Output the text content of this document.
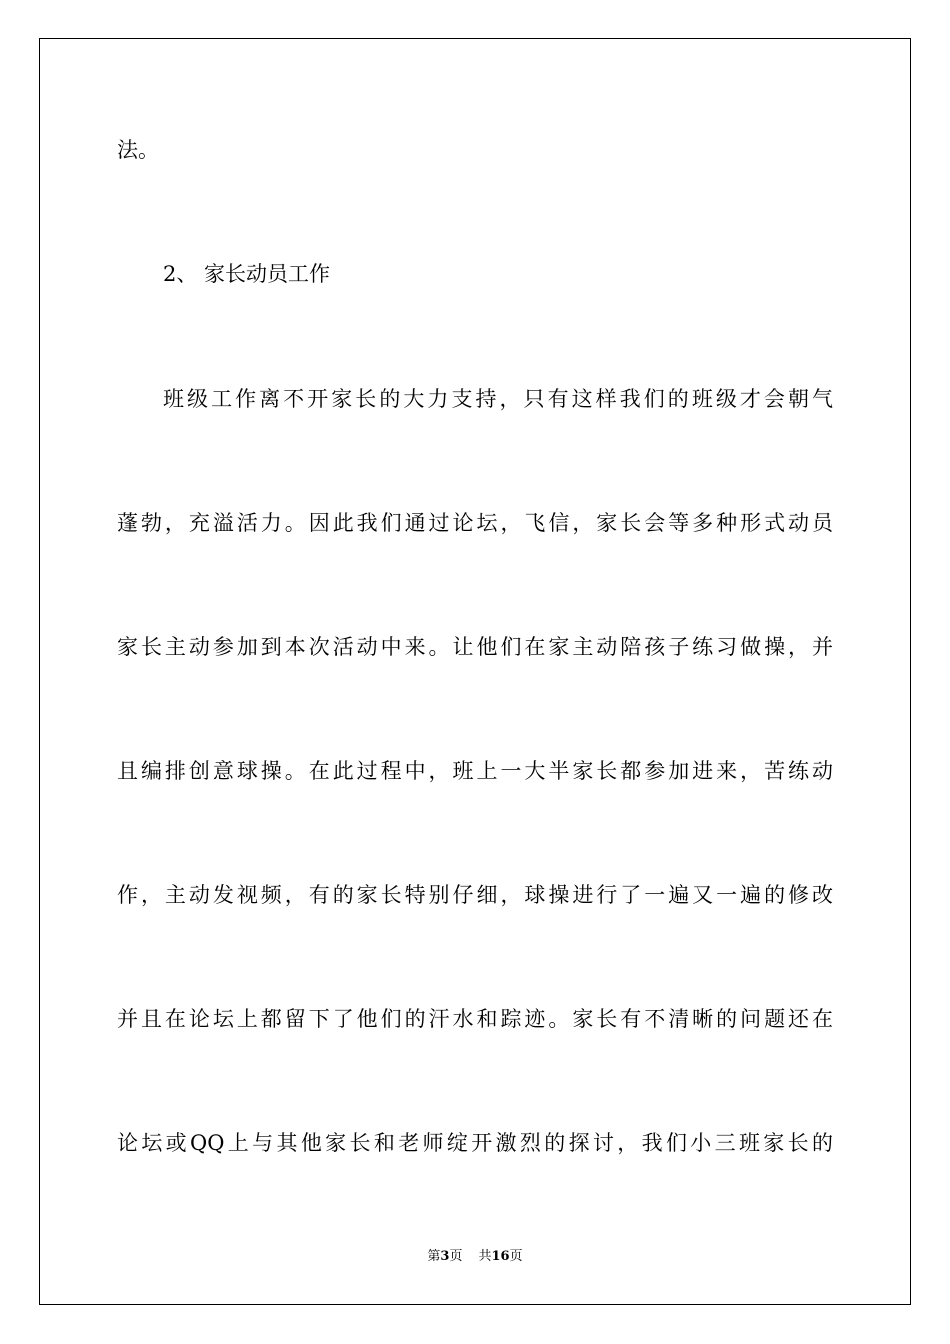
法。
2、 家长动员工作
班级工作离不开家长的大力支持，只有这样我们的班级才会朝气
蓬勃，充溢活力。因此我们通过论坛，飞信，家长会等多种形式动员
家长主动参加到本次活动中来。让他们在家主动陪孩子练习做操，并
且编排创意球操。在此过程中，班上一大半家长都参加进来，苦练动
作，主动发视频，有的家长特别仔细，球操进行了一遍又一遍的修改
并且在论坛上都留下了他们的汗水和踪迹。家长有不清晰的问题还在
论坛或QQ上与其他家长和老师绽开激烈的探讨，我们小三班家长的
第3页 共16页
